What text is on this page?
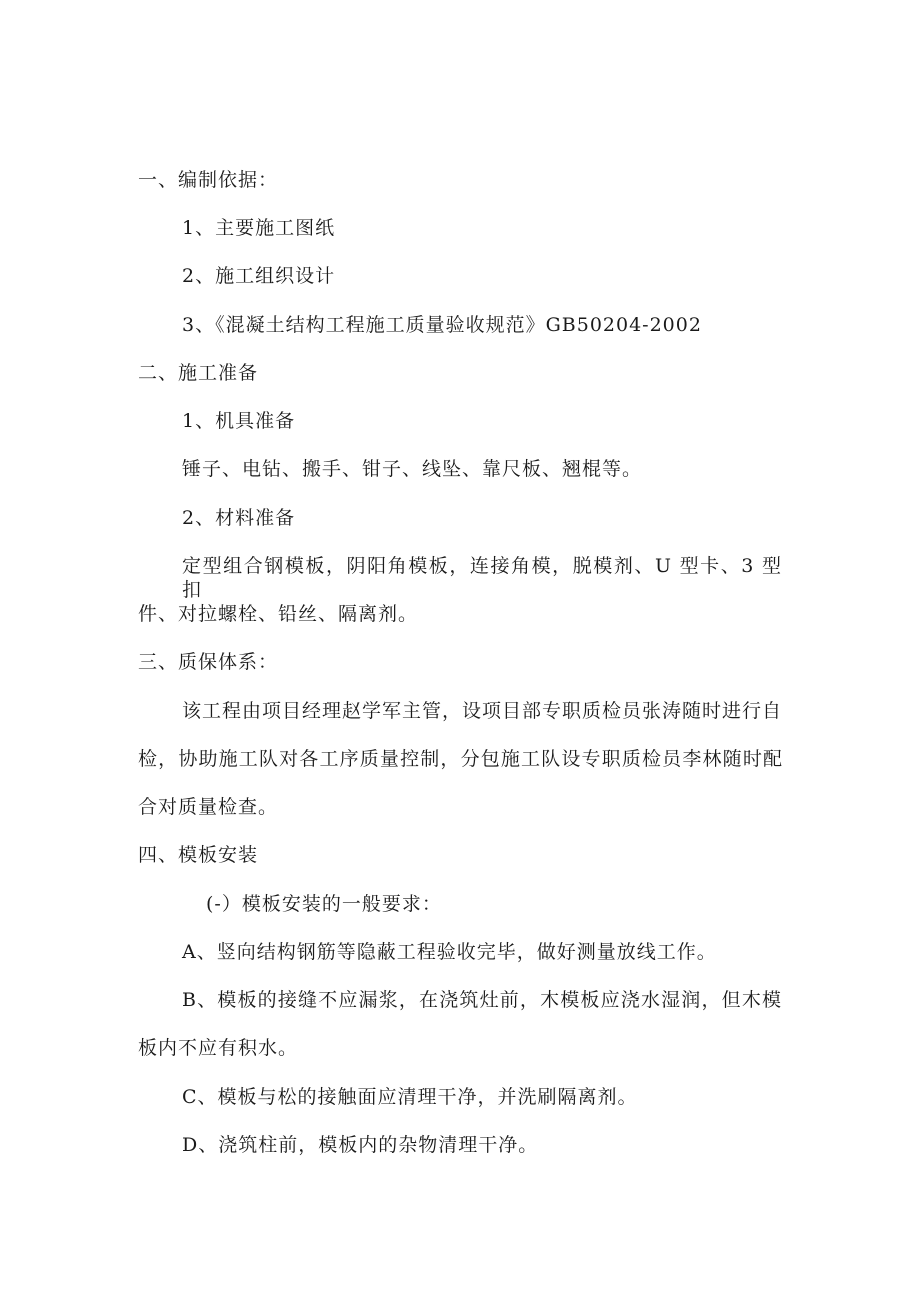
一、编制依据：
1、主要施工图纸
2、施工组织设计
3、《混凝土结构工程施工质量验收规范》GB50204-2002
二、施工准备
1、机具准备
锤子、电钻、搬手、钳子、线坠、靠尺板、翘棍等。
2、材料准备
定型组合钢模板，阴阳角模板，连接角模，脱模剂、U 型卡、3 型扣
件、对拉螺栓、铅丝、隔离剂。
三、质保体系：
该工程由项目经理赵学军主管，设项目部专职质检员张涛随时进行自
检，协助施工队对各工序质量控制，分包施工队设专职质检员李林随时配
合对质量检查。
四、模板安装
(-）模板安装的一般要求：
A、竖向结构钢筋等隐蔽工程验收完毕，做好测量放线工作。
B、模板的接缝不应漏浆，在浇筑灶前，木模板应浇水湿润，但木模
板内不应有积水。
C、模板与松的接触面应清理干净，并洗刷隔离剂。
D、浇筑柱前，模板内的杂物清理干净。
